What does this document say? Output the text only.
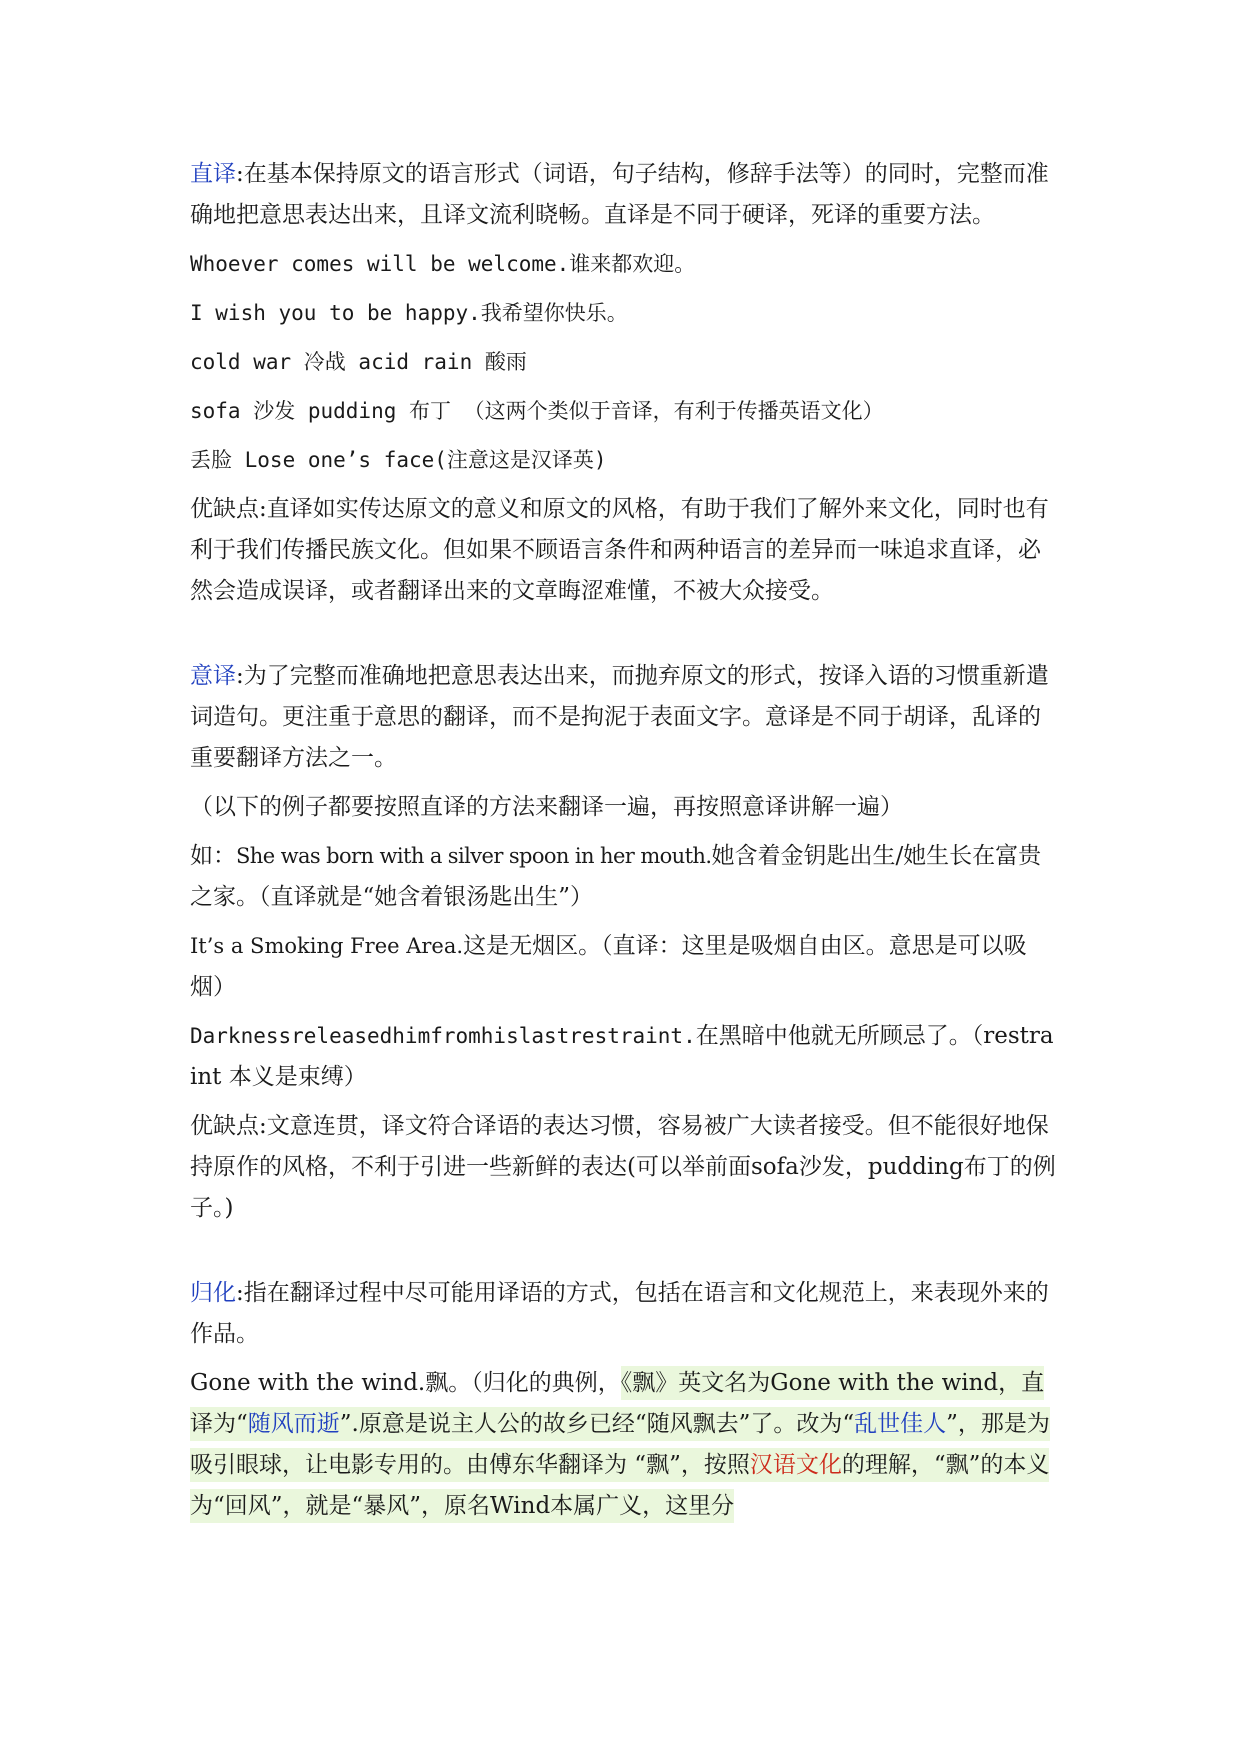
直译:在基本保持原文的语言形式（词语，句子结构，修辞手法等）的同时，完整而准确地把意思表达出来，且译文流利晓畅。直译是不同于硬译，死译的重要方法。

Whoever comes will be welcome.谁来都欢迎。

I wish you to be happy.我希望你快乐。

cold war 冷战 acid rain 酸雨

sofa 沙发 pudding 布丁 （这两个类似于音译，有利于传播英语文化）

丢脸 Lose one’s face(注意这是汉译英)

优缺点:直译如实传达原文的意义和原文的风格，有助于我们了解外来文化，同时也有利于我们传播民族文化。但如果不顾语言条件和两种语言的差异而一味追求直译，必然会造成误译，或者翻译出来的文章晦涩难懂，不被大众接受。

意译:为了完整而准确地把意思表达出来，而抛弃原文的形式，按译入语的习惯重新遣词造句。更注重于意思的翻译，而不是拘泥于表面文字。意译是不同于胡译，乱译的重要翻译方法之一。

（以下的例子都要按照直译的方法来翻译一遍，再按照意译讲解一遍）

如：She was born with a silver spoon in her mouth.她含着金钥匙出生/她生长在富贵之家。（直译就是“她含着银汤匙出生”）

It’s a Smoking Free Area.这是无烟区。（直译：这里是吸烟自由区。意思是可以吸烟）

Darknessreleasedhimfromhislastrestraint.在黑暗中他就无所顾忌了。（restraint 本义是束缚）

优缺点:文意连贯，译文符合译语的表达习惯，容易被广大读者接受。但不能很好地保持原作的风格，不利于引进一些新鲜的表达(可以举前面sofa沙发，pudding布丁的例子。)

归化:指在翻译过程中尽可能用译语的方式，包括在语言和文化规范上，来表现外来的作品。

Gone with the wind.飘。（归化的典例，《飘》英文名为Gone with the wind，直译为“随风而逝”.原意是说主人公的故乡已经“随风飘去”了。改为“乱世佳人”，那是为吸引眼球，让电影专用的。由傅东华翻译为 “飘”，按照汉语文化的理解，“飘”的本义为“回风”，就是“暴风”，原名Wind本属广义，这里分
